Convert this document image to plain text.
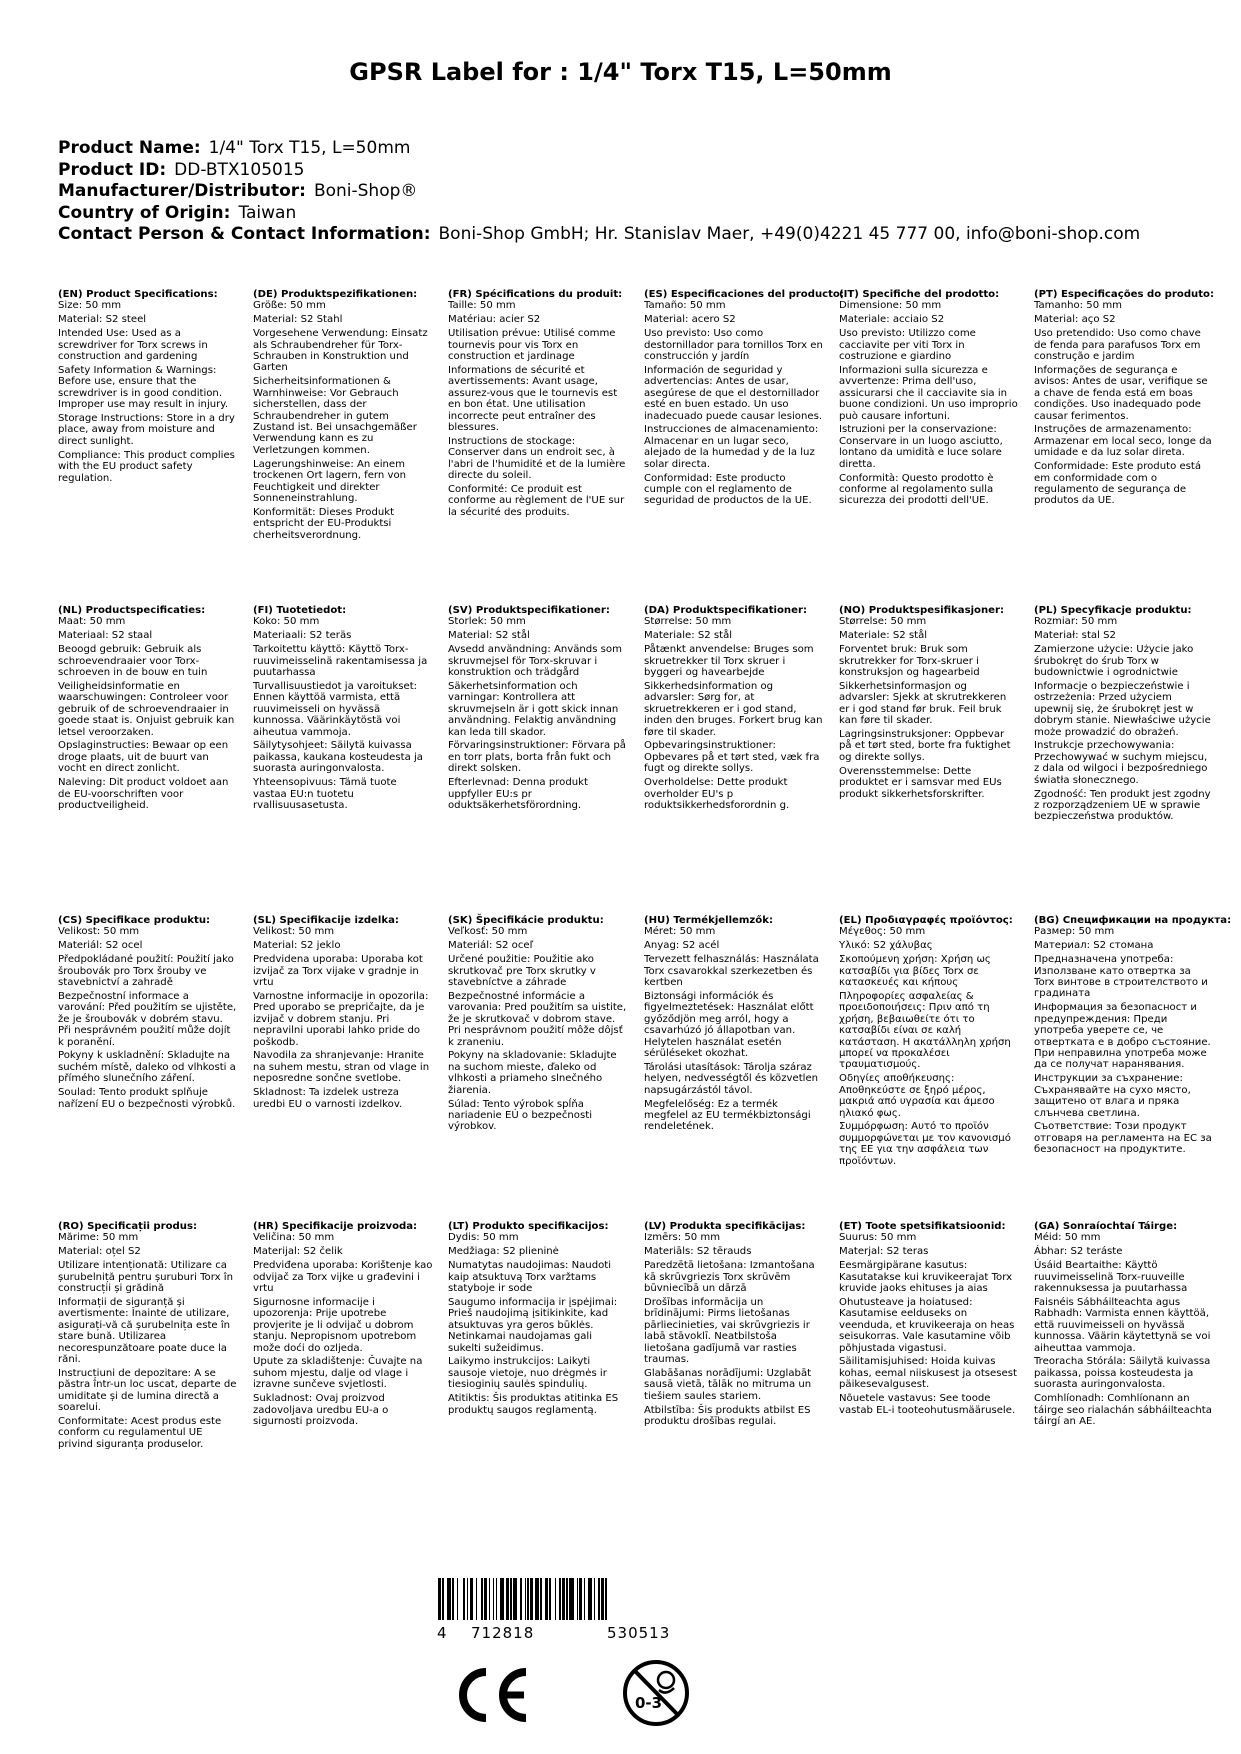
GPSR Label for : 1/4" Torx T15, L=50mm
Product Name: 1/4" Torx T15, L=50mm
Product ID: DD-BTX105015
Manufacturer/Distributor: Boni-Shop®
Country of Origin: Taiwan
Contact Person & Contact Information: Boni-Shop GmbH; Hr. Stanislav Maer, +49(0)4221 45 777 00, info@boni-shop.com
(EN) Product Specifications:

Size: 50 mm

Material: S2 steel

Intended Use: Used as a screwdriver for Torx screws in construction and gardening

Safety Information & Warnings: Before use, ensure that the screwdriver is in good condition. Improper use may result in injury.

Storage Instructions: Store in a dry place, away from moisture and direct sunlight.

Compliance: This product complies with the EU product safety regulation.

(DE) Produktspezifikationen:

Größe: 50 mm

Material: S2 Stahl

Vorgesehene Verwendung: Einsatz als Schraubendreher für Torx-Schrauben in Konstruktion und Garten

Sicherheitsinformationen & Warnhinweise: Vor Gebrauch sicherstellen, dass der Schraubendreher in gutem Zustand ist. Bei unsachgemäßer Verwendung kann es zu Verletzungen kommen.

Lagerungshinweise: An einem trockenen Ort lagern, fern von Feuchtigkeit und direkter Sonneneinstrahlung.

Konformität: Dieses Produkt entspricht der EU-Produktsi cherheitsverordnung.

(FR) Spécifications du produit:

Taille: 50 mm

Matériau: acier S2

Utilisation prévue: Utilisé comme tournevis pour vis Torx en construction et jardinage

Informations de sécurité et avertissements: Avant usage, assurez-vous que le tournevis est en bon état. Une utilisation incorrecte peut entraîner des blessures.

Instructions de stockage: Conserver dans un endroit sec, à l'abri de l'humidité et de la lumière directe du soleil.

Conformité: Ce produit est conforme au règlement de l'UE sur la sécurité des produits.

(ES) Especificaciones del producto:

Tamaño: 50 mm

Material: acero S2

Uso previsto: Uso como destornillador para tornillos Torx en construcción y jardín

Información de seguridad y advertencias: Antes de usar, asegúrese de que el destornillador esté en buen estado. Un uso inadecuado puede causar lesiones.

Instrucciones de almacenamiento: Almacenar en un lugar seco, alejado de la humedad y de la luz solar directa.

Conformidad: Este producto cumple con el reglamento de seguridad de productos de la UE.

(IT) Specifiche del prodotto:

Dimensione: 50 mm

Materiale: acciaio S2

Uso previsto: Utilizzo come cacciavite per viti Torx in costruzione e giardino

Informazioni sulla sicurezza e avvertenze: Prima dell'uso, assicurarsi che il cacciavite sia in buone condizioni. Un uso improprio può causare infortuni.

Istruzioni per la conservazione: Conservare in un luogo asciutto, lontano da umidità e luce solare diretta.

Conformità: Questo prodotto è conforme al regolamento sulla sicurezza dei prodotti dell'UE.

(PT) Especificações do produto:

Tamanho: 50 mm

Material: aço S2

Uso pretendido: Uso como chave de fenda para parafusos Torx em construção e jardim

Informações de segurança e avisos: Antes de usar, verifique se a chave de fenda está em boas condições. Uso inadequado pode causar ferimentos.

Instruções de armazenamento: Armazenar em local seco, longe da umidade e da luz solar direta.

Conformidade: Este produto está em conformidade com o regulamento de segurança de produtos da UE.

(NL) Productspecificaties:

Maat: 50 mm

Materiaal: S2 staal

Beoogd gebruik: Gebruik als schroevendraaier voor Torx-schroeven in de bouw en tuin

Veiligheidsinformatie en waarschuwingen: Controleer voor gebruik of de schroevendraaier in goede staat is. Onjuist gebruik kan letsel veroorzaken.

Opslaginstructies: Bewaar op een droge plaats, uit de buurt van vocht en direct zonlicht.

Naleving: Dit product voldoet aan de EU-voorschriften voor productveiligheid.

(FI) Tuotetiedot:

Koko: 50 mm

Materiaali: S2 teräs

Tarkoitettu käyttö: Käyttö Torx-ruuvimeisselinä rakentamisessa ja puutarhassa

Turvallisuustiedot ja varoitukset: Ennen käyttöä varmista, että ruuvimeisseli on hyvässä kunnossa. Väärinkäytöstä voi aiheutua vammoja.

Säilytysohjeet: Säilytä kuivassa paikassa, kaukana kosteudesta ja suorasta auringonvalosta.

Yhteensopivuus: Tämä tuote vastaa EU:n tuotetu rvallisuusasetusta.

(SV) Produktspecifikationer:

Storlek: 50 mm

Material: S2 stål

Avsedd användning: Används som skruvmejsel för Torx-skruvar i konstruktion och trädgård

Säkerhetsinformation och varningar: Kontrollera att skruvmejseln är i gott skick innan användning. Felaktig användning kan leda till skador.

Förvaringsinstruktioner: Förvara på en torr plats, borta från fukt och direkt solsken.

Efterlevnad: Denna produkt uppfyller EU:s pr oduktsäkerhetsförordning.

(DA) Produktspecifikationer:

Størrelse: 50 mm

Materiale: S2 stål

Påtænkt anvendelse: Bruges som skruetrekker til Torx skruer i byggeri og havearbejde

Sikkerhedsinformation og advarsler: Sørg for, at skruetrekkeren er i god stand, inden den bruges. Forkert brug kan føre til skader.

Opbevaringsinstruktioner: Opbevares på et tørt sted, væk fra fugt og direkte sollys.

Overholdelse: Dette produkt overholder EU's p roduktsikkerhedsforordnin g.

(NO) Produktspesifikasjoner:

Størrelse: 50 mm

Materiale: S2 stål

Forventet bruk: Bruk som skrutrekker for Torx-skruer i konstruksjon og hagearbeid

Sikkerhetsinformasjon og advarsler: Sjekk at skrutrekkeren er i god stand før bruk. Feil bruk kan føre til skader.

Lagringsinstruksjoner: Oppbevar på et tørt sted, borte fra fuktighet og direkte sollys.

Overensstemmelse: Dette produktet er i samsvar med EUs produkt sikkerhetsforskrifter.

(PL) Specyfikacje produktu:

Rozmiar: 50 mm

Materiał: stal S2

Zamierzone użycie: Użycie jako śrubokręt do śrub Torx w budownictwie i ogrodnictwie

Informacje o bezpieczeństwie i ostrzeżenia: Przed użyciem upewnij się, że śrubokręt jest w dobrym stanie. Niewłaściwe użycie może prowadzić do obrażeń.

Instrukcje przechowywania: Przechowywać w suchym miejscu, z dala od wilgoci i bezpośredniego światła słonecznego.

Zgodność: Ten produkt jest zgodny z rozporządzeniem UE w sprawie bezpieczeństwa produktów.

(CS) Specifikace produktu:

Velikost: 50 mm

Materiál: S2 ocel

Předpokládané použití: Použití jako šroubovák pro Torx šrouby ve stavebnictví a zahradě

Bezpečnostní informace a varování: Před použitím se ujistěte, že je šroubovák v dobrém stavu. Při nesprávném použití může dojít k poranění.

Pokyny k uskladnění: Skladujte na suchém místě, daleko od vlhkosti a přímého slunečního záření.

Soulad: Tento produkt splňuje nařízení EU o bezpečnosti výrobků.

(SL) Specifikacije izdelka:

Velikost: 50 mm

Material: S2 jeklo

Predvidena uporaba: Uporaba kot izvijač za Torx vijake v gradnje in vrtu

Varnostne informacije in opozorila: Pred uporabo se prepričajte, da je izvijač v dobrem stanju. Pri nepravilni uporabi lahko pride do poškodb.

Navodila za shranjevanje: Hranite na suhem mestu, stran od vlage in neposredne sončne svetlobe.

Skladnost: Ta izdelek ustreza uredbi EU o varnosti izdelkov.

(SK) Špecifikácie produktu:

Veľkosť: 50 mm

Materiál: S2 oceľ

Určené použitie: Použitie ako skrutkovač pre Torx skrutky v stavebníctve a záhrade

Bezpečnostné informácie a varovania: Pred použitím sa uistite, že je skrutkovač v dobrom stave. Pri nesprávnom použití môže dôjsť k zraneniu.

Pokyny na skladovanie: Skladujte na suchom mieste, ďaleko od vlhkosti a priameho slnečného žiarenia.

Súlad: Tento výrobok spĺňa nariadenie EÚ o bezpečnosti výrobkov.

(HU) Termékjellemzők:

Méret: 50 mm

Anyag: S2 acél

Tervezett felhasználás: Használata Torx csavarokkal szerkezetben és kertben

Biztonsági információk és figyelmeztetések: Használat előtt győződjön meg arról, hogy a csavarhúzó jó állapotban van. Helytelen használat esetén sérüléseket okozhat.

Tárolási utasítások: Tárolja száraz helyen, nedvességtől és közvetlen napsugárzástól távol.

Megfelelőség: Ez a termék megfelel az EU termékbiztonsági rendeletének.

(EL) Προδιαγραφές προϊόντος:

Μέγεθος: 50 mm

Υλικό: S2 χάλυβας

Σκοπούμενη χρήση: Χρήση ως κατσαβίδι για βίδες Torx σε κατασκευές και κήπους

Πληροφορίες ασφαλείας & προειδοποιήσεις: Πριν από τη χρήση, βεβαιωθείτε ότι το κατσαβίδι είναι σε καλή κατάσταση. Η ακατάλληλη χρήση μπορεί να προκαλέσει τραυματισμούς.

Οδηγίες αποθήκευσης: Αποθηκεύστε σε ξηρό μέρος, μακριά από υγρασία και άμεσο ηλιακό φως.

Συμμόρφωση: Αυτό το προϊόν συμμορφώνεται με τον κανονισμό της ΕΕ για την ασφάλεια των προϊόντων.

(BG) Спецификации на продукта:

Размер: 50 mm

Материал: S2 стомана

Предназначена употреба: Използване като отвертка за Torx винтове в строителството и градината

Информация за безопасност и предупреждения: Преди употреба уверете се, че отвертката е в добро състояние. При неправилна употреба може да се получат наранявания.

Инструкции за съхранение: Съхранявайте на сухо място, защитено от влага и пряка слънчева светлина.

Съответствие: Този продукт отговаря на регламента на ЕС за безопасност на продуктите.

(RO) Specificații produs:

Mărime: 50 mm

Material: oțel S2

Utilizare intenționată: Utilizare ca șurubelniță pentru șuruburi Torx în construcții și grădină

Informații de siguranță și avertismente: Înainte de utilizare, asigurați-vă că șurubelnița este în stare bună. Utilizarea necorespunzătoare poate duce la răni.

Instrucțiuni de depozitare: A se păstra într-un loc uscat, departe de umiditate și de lumina directă a soarelui.

Conformitate: Acest produs este conform cu regulamentul UE privind siguranța produselor.

(HR) Specifikacije proizvoda:

Veličina: 50 mm

Materijal: S2 čelik

Predviđena uporaba: Korištenje kao odvijač za Torx vijke u građevini i vrtu

Sigurnosne informacije i upozorenja: Prije upotrebe provjerite je li odvijač u dobrom stanju. Nepropisnom upotrebom može doći do ozljeda.

Upute za skladištenje: Čuvajte na suhom mjestu, dalje od vlage i izravne sunčeve svjetlosti.

Sukladnost: Ovaj proizvod zadovoljava uredbu EU-a o sigurnosti proizvoda.

(LT) Produkto specifikacijos:

Dydis: 50 mm

Medžiaga: S2 plieninė

Numatytas naudojimas: Naudoti kaip atsuktuvą Torx varžtams statyboje ir sode

Saugumo informacija ir įspėjimai: Prieš naudojimą įsitikinkite, kad atsuktuvas yra geros būklės. Netinkamai naudojamas gali sukelti sužeidimus.

Laikymo instrukcijos: Laikyti sausoje vietoje, nuo drėgmės ir tiesioginių saulės spindulių.

Atitiktis: Šis produktas atitinka ES produktų saugos reglamentą.

(LV) Produkta specifikācijas:

Izmērs: 50 mm

Materiāls: S2 tērauds

Paredzētā lietošana: Izmantošana kā skrūvgriezis Torx skrūvēm būvniecībā un dārzā

Drošības informācija un brīdinājumi: Pirms lietošanas pārliecinieties, vai skrūvgriezis ir labā stāvoklī. Neatbilstoša lietošana gadījumā var rasties traumas.

Glabāšanas norādījumi: Uzglabāt sausā vietā, tālāk no mitruma un tiešiem saules stariem.

Atbilstība: Šis produkts atbilst ES produktu drošības regulai.

(ET) Toote spetsifikatsioonid:

Suurus: 50 mm

Materjal: S2 teras

Eesmärgipärane kasutus: Kasutatakse kui kruvikeerajat Torx kruvide jaoks ehituses ja aias

Ohutusteave ja hoiatused: Kasutamise eelduseks on veenduda, et kruvikeeraja on heas seisukorras. Vale kasutamine võib põhjustada vigastusi.

Säilitamisjuhised: Hoida kuivas kohas, eemal niiskusest ja otsesest päikesevalgusest.

Nõuetele vastavus: See toode vastab EL-i tooteohutusmäärusele.

(GA) Sonraíochtaí Táirge:

Méid: 50 mm

Ábhar: S2 teráste

Úsáid Beartaithe: Käyttö ruuvimeisselinä Torx-ruuveille rakennuksessa ja puutarhassa

Faisnéis Sábháilteachta agus Rabhadh: Varmista ennen käyttöä, että ruuvimeisseli on hyvässä kunnossa. Väärin käytettynä se voi aiheuttaa vammoja.

Treoracha Stórála: Säilytä kuivassa paikassa, poissa kosteudesta ja suorasta auringonvalosta.

Comhlíonadh: Comhlíonann an táirge seo rialachán sábháilteachta táirgí an AE.

4 712818	530513
0-3
